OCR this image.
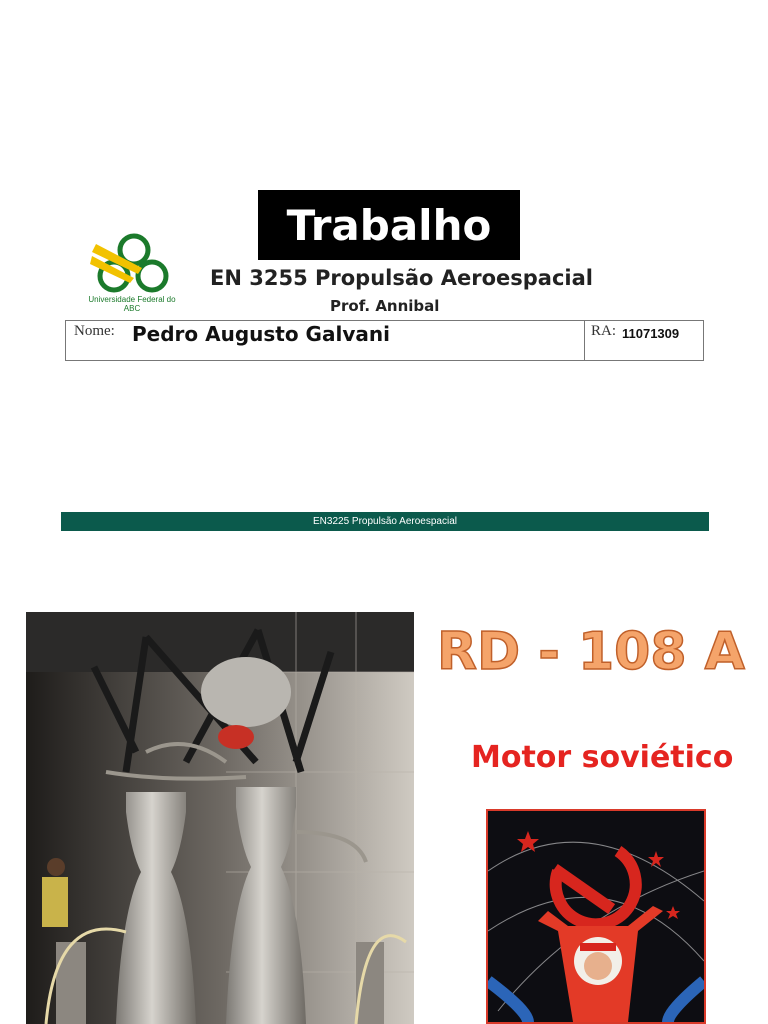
Trabalho
Universidade Federal do ABC
EN 3255 Propulsão Aeroespacial
Prof. Annibal
Nome: Pedro Augusto Galvani	RA: 11071309
EN3225 Propulsão Aeroespacial
RD - 108 A
Motor soviético
